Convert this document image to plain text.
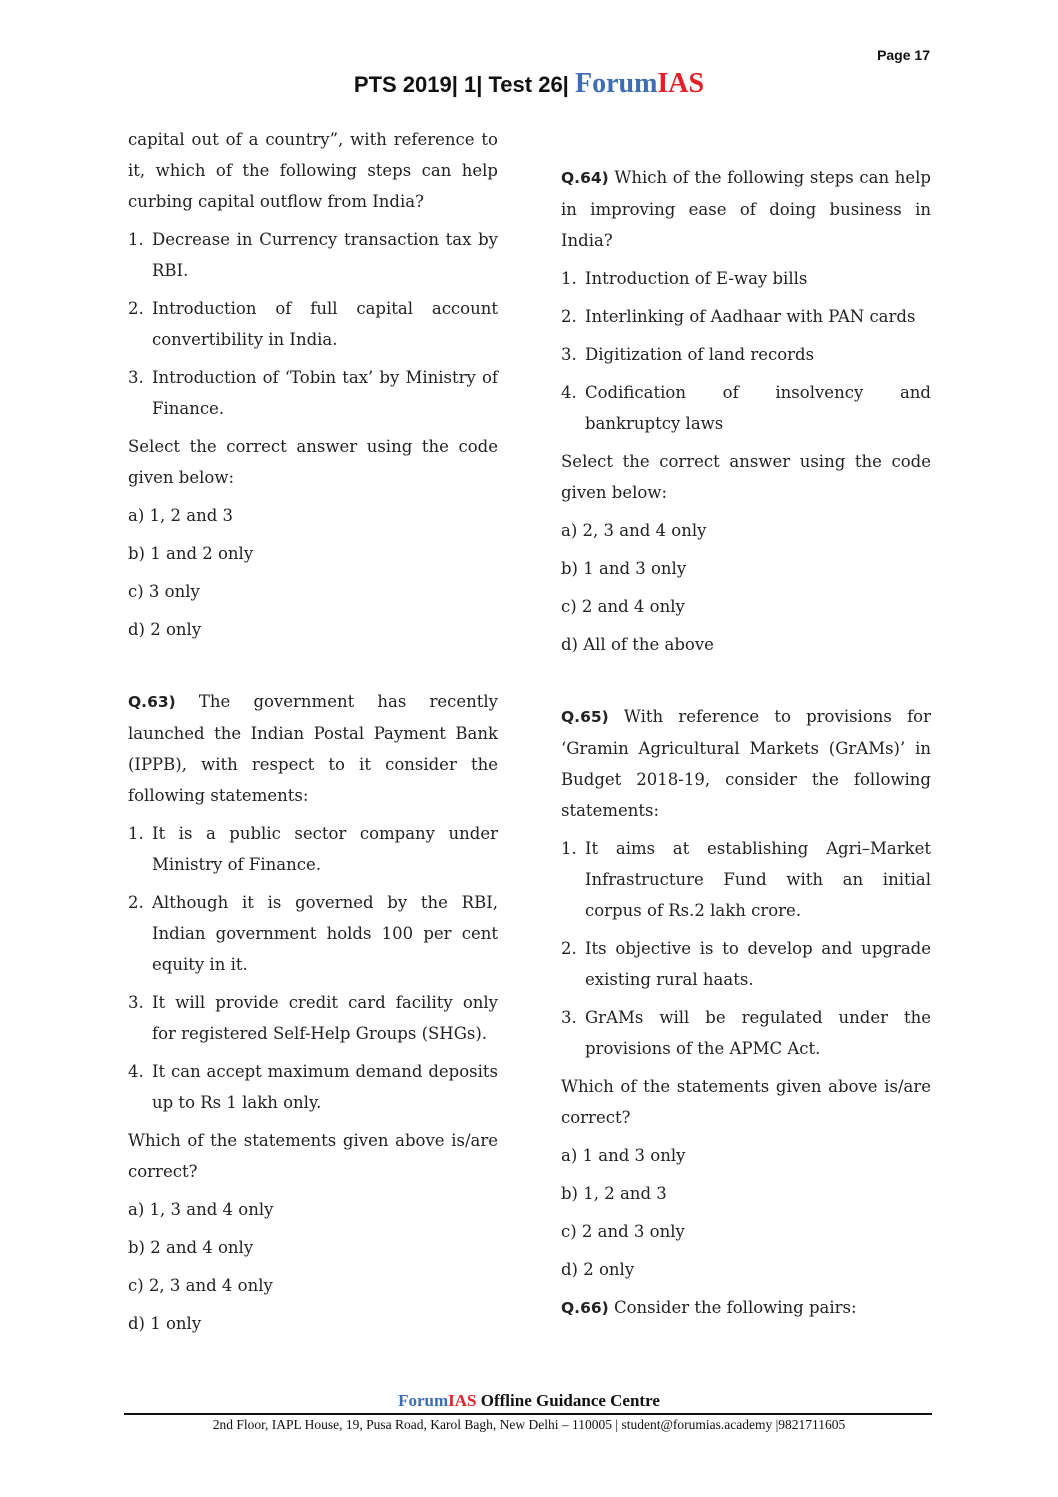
Page 17
PTS 2019| 1| Test 26| ForumIAS

capital out of a country”, with reference to it, which of the following steps can help curbing capital outflow from India?

1. Decrease in Currency transaction tax by RBI.
2. Introduction of full capital account convertibility in India.
3. Introduction of ‘Tobin tax’ by Ministry of Finance.

Select the correct answer using the code given below:

a) 1, 2 and 3
b) 1 and 2 only
c) 3 only
d) 2 only

Q.63) The government has recently launched the Indian Postal Payment Bank (IPPB), with respect to it consider the following statements:

1. It is a public sector company under Ministry of Finance.
2. Although it is governed by the RBI, Indian government holds 100 per cent equity in it.
3. It will provide credit card facility only for registered Self-Help Groups (SHGs).
4. It can accept maximum demand deposits up to Rs 1 lakh only.

Which of the statements given above is/are correct?

a) 1, 3 and 4 only
b) 2 and 4 only
c) 2, 3 and 4 only
d) 1 only

Q.64) Which of the following steps can help in improving ease of doing business in India?

1. Introduction of E-way bills
2. Interlinking of Aadhaar with PAN cards
3. Digitization of land records
4. Codification of insolvency and bankruptcy laws

Select the correct answer using the code given below:

a) 2, 3 and 4 only
b) 1 and 3 only
c) 2 and 4 only
d) All of the above

Q.65) With reference to provisions for ‘Gramin Agricultural Markets (GrAMs)’ in Budget 2018-19, consider the following statements:

1. It aims at establishing Agri–Market Infrastructure Fund with an initial corpus of Rs.2 lakh crore.
2. Its objective is to develop and upgrade existing rural haats.
3. GrAMs will be regulated under the provisions of the APMC Act.

Which of the statements given above is/are correct?

a) 1 and 3 only
b) 1, 2 and 3
c) 2 and 3 only
d) 2 only

Q.66) Consider the following pairs:

ForumIAS Offline Guidance Centre
2nd Floor, IAPL House, 19, Pusa Road, Karol Bagh, New Delhi – 110005 | student@forumias.academy |9821711605
